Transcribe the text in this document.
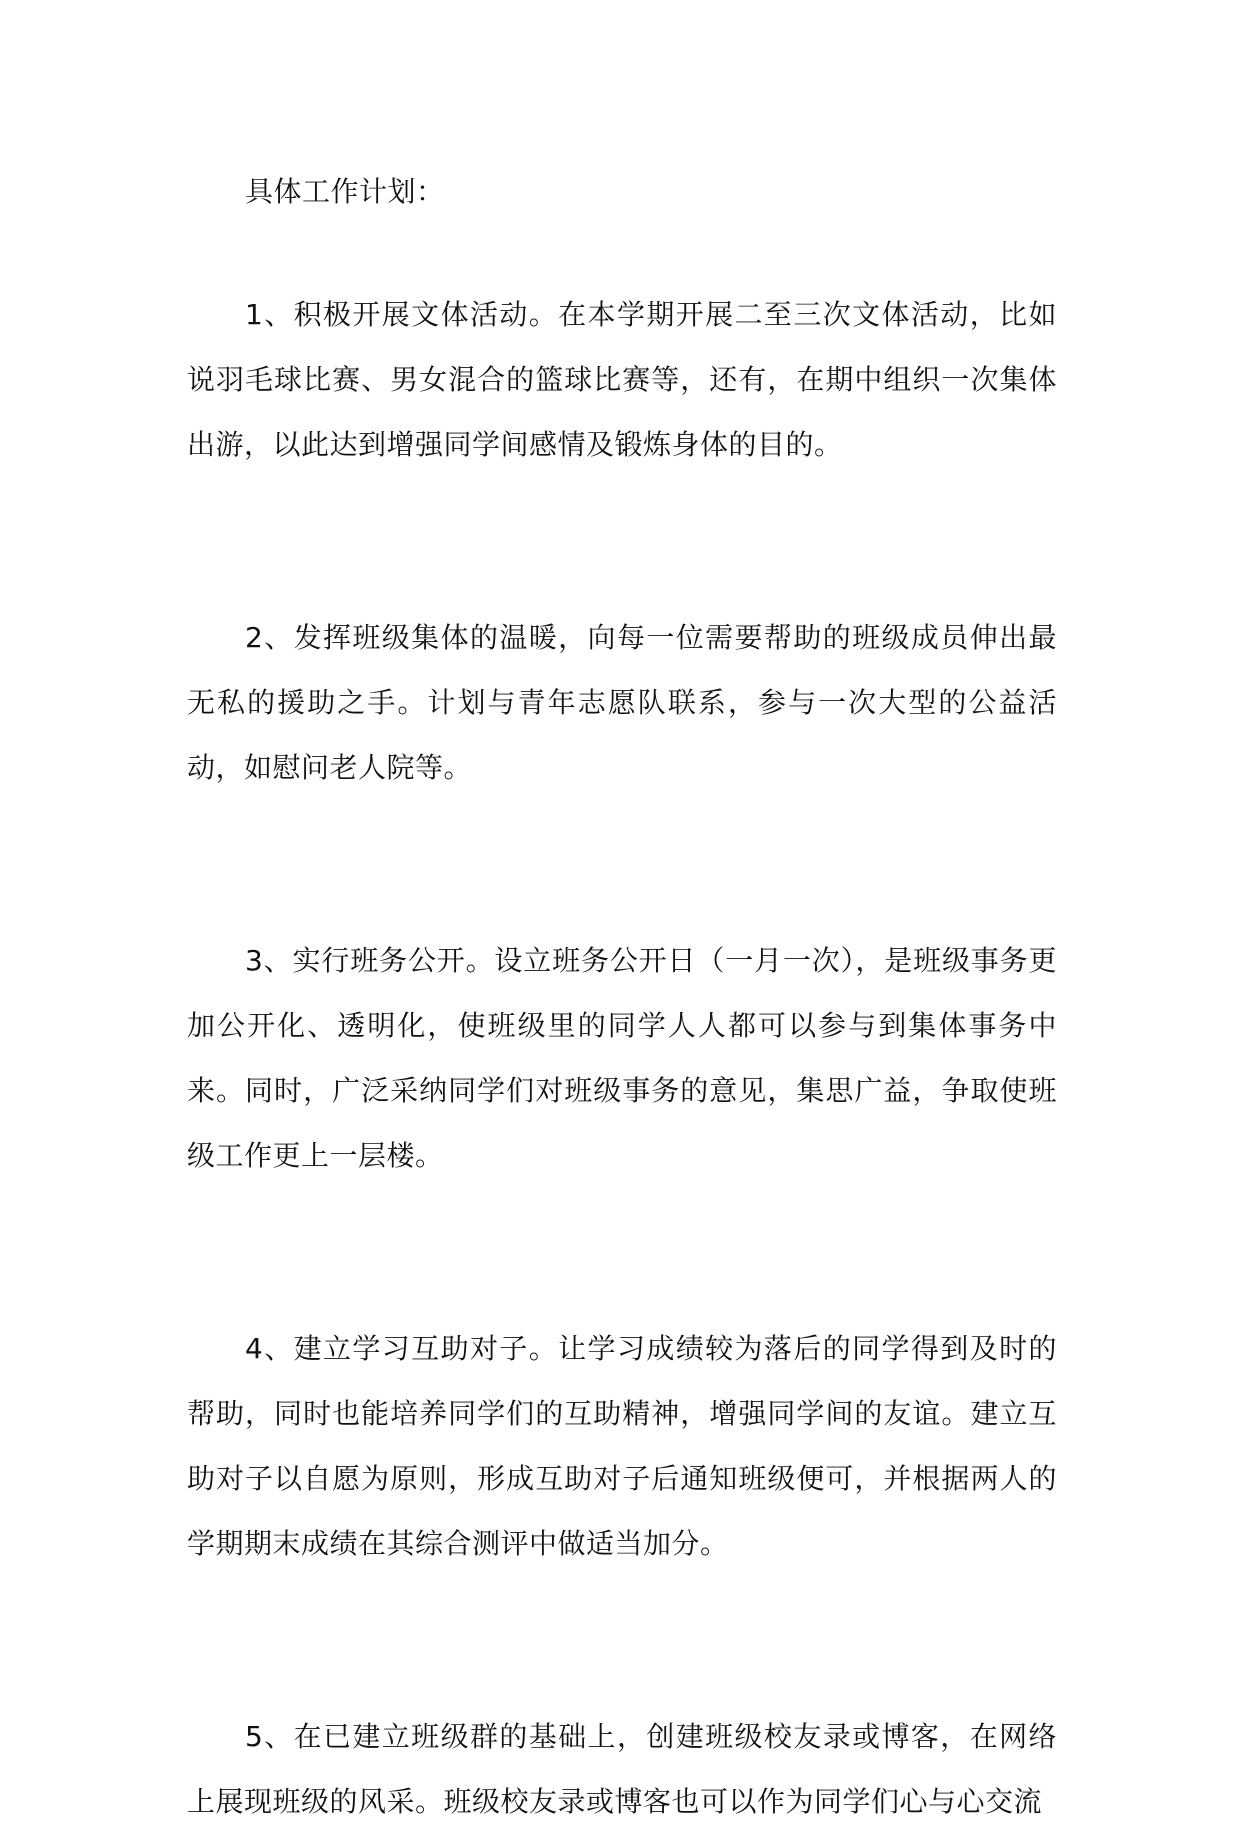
具体工作计划：

1、积极开展文体活动。在本学期开展二至三次文体活动，比如说羽毛球比赛、男女混合的篮球比赛等，还有，在期中组织一次集体出游，以此达到增强同学间感情及锻炼身体的目的。

2、发挥班级集体的温暖，向每一位需要帮助的班级成员伸出最无私的援助之手。计划与青年志愿队联系，参与一次大型的公益活动，如慰问老人院等。

3、实行班务公开。设立班务公开日（一月一次），是班级事务更加公开化、透明化，使班级里的同学人人都可以参与到集体事务中来。同时，广泛采纳同学们对班级事务的意见，集思广益，争取使班级工作更上一层楼。

4、建立学习互助对子。让学习成绩较为落后的同学得到及时的帮助，同时也能培养同学们的互助精神，增强同学间的友谊。建立互助对子以自愿为原则，形成互助对子后通知班级便可，并根据两人的学期期末成绩在其综合测评中做适当加分。

5、在已建立班级群的基础上，创建班级校友录或博客，在网络上展现班级的风采。班级校友录或博客也可以作为同学们心与心交流
